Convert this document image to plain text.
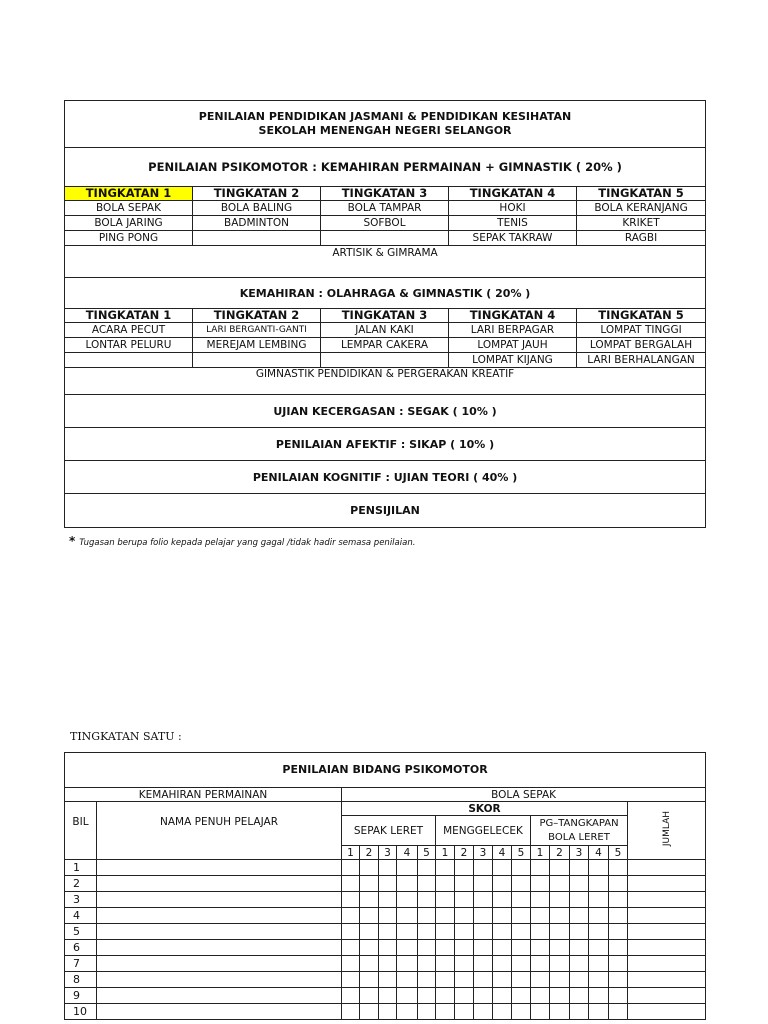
PENILAIAN PENDIDIKAN JASMANI & PENDIDIKAN KESIHATAN
SEKOLAH MENENGAH NEGERI SELANGOR				

PENILAIAN PSIKOMOTOR : KEMAHIRAN PERMAINAN + GIMNASTIK ( 20% )				
TINGKATAN 1	TINGKATAN 2	TINGKATAN 3	TINGKATAN 4	TINGKATAN 5
BOLA SEPAK	BOLA BALING	BOLA TAMPAR	HOKI	BOLA KERANJANG
BOLA JARING	BADMINTON	SOFBOL	TENIS	KRIKET
PING PONG			SEPAK TAKRAW	RAGBI
ARTISIK & GIMRAMA				
KEMAHIRAN : OLAHRAGA & GIMNASTIK ( 20% )				
TINGKATAN 1	TINGKATAN 2	TINGKATAN 3	TINGKATAN 4	TINGKATAN 5
ACARA PECUT	LARI BERGANTI-GANTI	JALAN KAKI	LARI BERPAGAR	LOMPAT TINGGI
LONTAR PELURU	MEREJAM LEMBING	LEMPAR CAKERA	LOMPAT JAUH	LOMPAT BERGALAH
			LOMPAT KIJANG	LARI BERHALANGAN
GIMNASTIK PENDIDIKAN & PERGERAKAN KREATIF				
UJIAN KECERGASAN : SEGAK ( 10% )				
PENILAIAN AFEKTIF : SIKAP ( 10% )				
PENILAIAN KOGNITIF : UJIAN TEORI ( 40% )				
PENSIJILAN				
* Tugasan berupa folio kepada pelajar yang gagal /tidak hadir semasa penilaian.
TINGKATAN SATU :
PENILAIAN BIDANG PSIKOMOTOR																	
KEMAHIRAN PERMAINAN		BOLA SEPAK															
BIL	NAMA PENUH PELAJAR	SKOR															JUMLAH
		SEPAK LERET					MENGGELECEK					PG–TANGKAPAN BOLA LERET					
		1	2	3	4	5	1	2	3	4	5	1	2	3	4	5	
1																	
2																	
3																	
4																	
5																	
6																	
7																	
8																	
9																	
10																	
